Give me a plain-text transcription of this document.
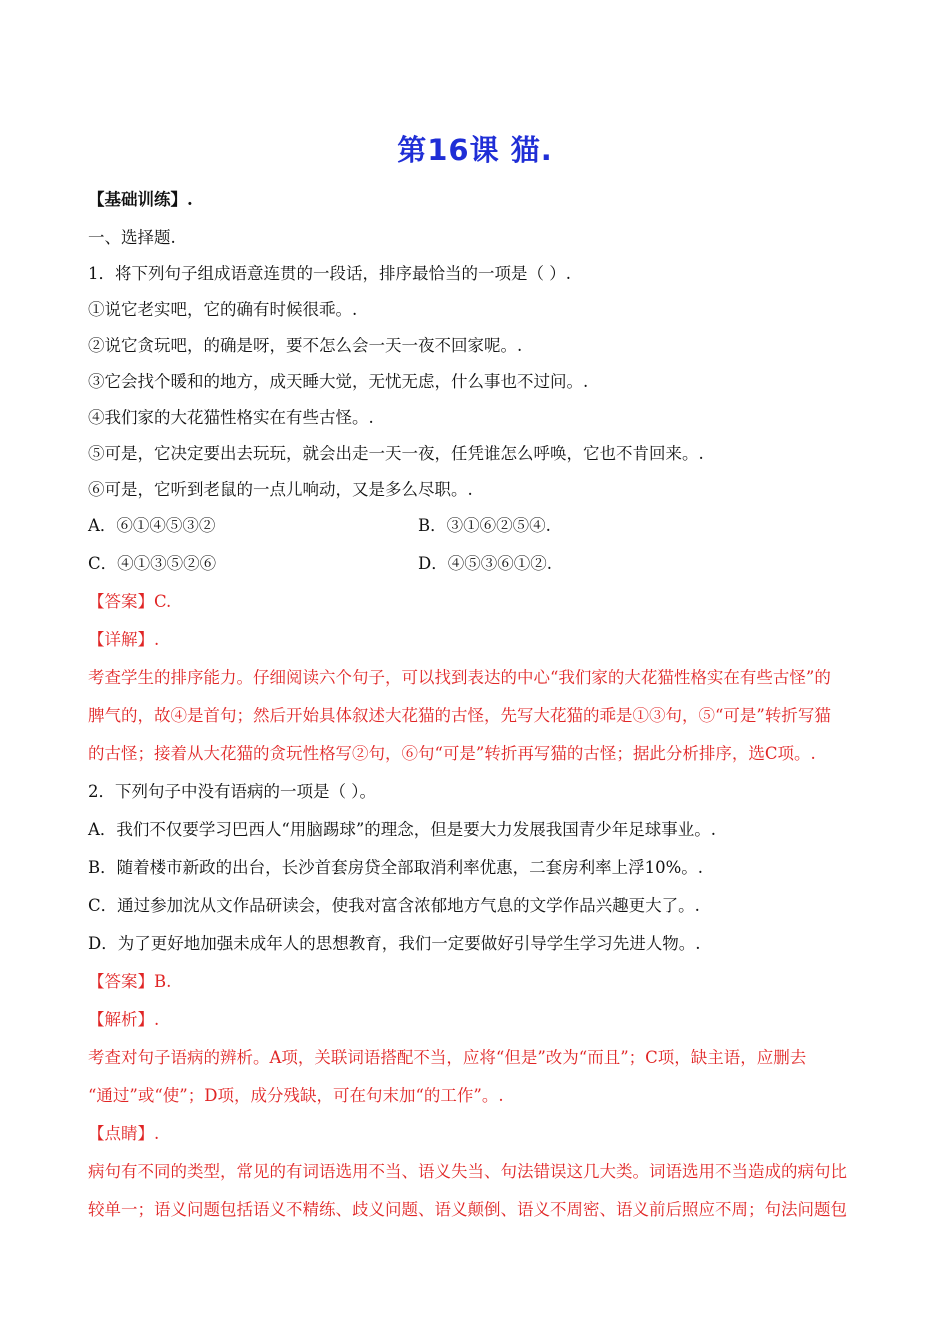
第16课 猫.
【基础训练】.
一、选择题.
1．将下列句子组成语意连贯的一段话，排序最恰当的一项是（ ）.
①说它老实吧，它的确有时候很乖。.
②说它贪玩吧，的确是呀，要不怎么会一天一夜不回家呢。.
③它会找个暖和的地方，成天睡大觉，无忧无虑，什么事也不过问。.
④我们家的大花猫性格实在有些古怪。.
⑤可是，它决定要出去玩玩，就会出走一天一夜，任凭谁怎么呼唤，它也不肯回来。.
⑥可是，它听到老鼠的一点儿响动，又是多么尽职。.
A．⑥①④⑤③②	B．③①⑥②⑤④.
C．④①③⑤②⑥	D．④⑤③⑥①②.
【答案】C.
【详解】.
考查学生的排序能力。仔细阅读六个句子，可以找到表达的中心“我们家的大花猫性格实在有些古怪”的
脾气的，故④是首句；然后开始具体叙述大花猫的古怪，先写大花猫的乖是①③句，⑤“可是”转折写猫
的古怪；接着从大花猫的贪玩性格写②句，⑥句“可是”转折再写猫的古怪；据此分析排序，选C项。.
2．下列句子中没有语病的一项是（ ）。
A．我们不仅要学习巴西人“用脑踢球”的理念，但是要大力发展我国青少年足球事业。.
B．随着楼市新政的出台，长沙首套房贷全部取消利率优惠，二套房利率上浮10%。.
C．通过参加沈从文作品研读会，使我对富含浓郁地方气息的文学作品兴趣更大了。.
D．为了更好地加强未成年人的思想教育，我们一定要做好引导学生学习先进人物。.
【答案】B.
【解析】.
考查对句子语病的辨析。A项，关联词语搭配不当，应将“但是”改为“而且”；C项，缺主语，应删去
“通过”或“使”；D项，成分残缺，可在句末加“的工作”。.
【点睛】.
病句有不同的类型，常见的有词语选用不当、语义失当、句法错误这几大类。词语选用不当造成的病句比
较单一；语义问题包括语义不精练、歧义问题、语义颠倒、语义不周密、语义前后照应不周；句法问题包
